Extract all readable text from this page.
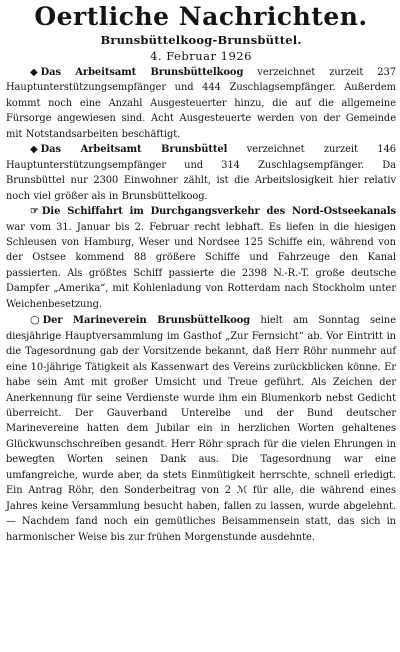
Oertliche Nachrichten.
Brunsbüttelkoog-Brunsbüttel.
4. Februar 1926

◆ Das Arbeitsamt Brunsbüttelkoog verzeichnet zurzeit 237 Hauptunterstützungsempfänger und 444 Zuschlagsempfänger. Außerdem kommt noch eine Anzahl Ausgesteuerter hinzu, die auf die allgemeine Fürsorge angewiesen sind. Acht Ausgesteuerte werden von der Gemeinde mit Notstandsarbeiten beschäftigt.

◆ Das Arbeitsamt Brunsbüttel verzeichnet zurzeit 146 Hauptunterstützungsempfänger und 314 Zuschlagsempfänger. Da Brunsbüttel nur 2300 Einwohner zählt, ist die Arbeitslosigkeit hier relativ noch viel größer als in Brunsbüttelkoog.

☞ Die Schiffahrt im Durchgangsverkehr des Nord-Ostseekanals war vom 31. Januar bis 2. Februar recht lebhaft. Es liefen in die hiesigen Schleusen von Hamburg, Weser und Nordsee 125 Schiffe ein, während von der Ostsee kommend 88 größere Schiffe und Fahrzeuge den Kanal passierten. Als größtes Schiff passierte die 2398 N.-R.-T. große deutsche Dampfer „Amerika“, mit Kohlenladung von Rotterdam nach Stockholm unter Weichenbesetzung.

○ Der Marineverein Brunsbüttelkoog hielt am Sonntag seine diesjährige Hauptversammlung im Gasthof „Zur Fernsicht“ ab. Vor Eintritt in die Tagesordnung gab der Vorsitzende bekannt, daß Herr Röhr nunmehr auf eine 10-jährige Tätigkeit als Kassenwart des Vereins zurückblicken könne. Er habe sein Amt mit großer Umsicht und Treue geführt. Als Zeichen der Anerkennung für seine Verdienste wurde ihm ein Blumenkorb nebst Gedicht überreicht. Der Gauverband Unterelbe und der Bund deutscher Marinevereine hatten dem Jubilar ein in herzlichen Worten gehaltenes Glückwunschschreiben gesandt. Herr Röhr sprach für die vielen Ehrungen in bewegten Worten seinen Dank aus. Die Tagesordnung war eine umfangreiche, wurde aber, da stets Einmütigkeit herrschte, schnell erledigt. Ein Antrag Röhr, den Sonderbeitrag von 2 ℳ für alle, die während eines Jahres keine Versammlung besucht haben, fallen zu lassen, wurde abgelehnt. — Nachdem fand noch ein gemütliches Beisammensein statt, das sich in harmonischer Weise bis zur frühen Morgenstunde ausdehnte.
